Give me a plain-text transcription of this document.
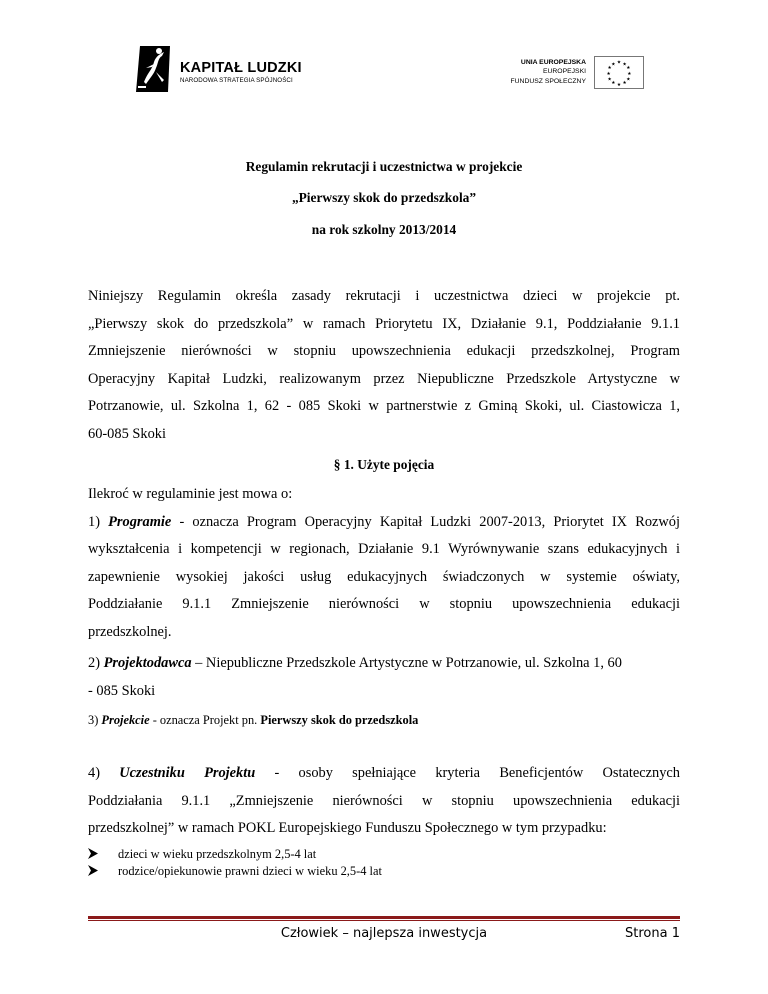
KAPITAŁ LUDZKI
NARODOWA STRATEGIA SPÓJNOŚCI
UNIA EUROPEJSKA
EUROPEJSKI
FUNDUSZ SPOŁECZNY
★ ★
★
★
★
★
★
★
★
★
★
★
Regulamin rekrutacji i uczestnictwa w projekcie
„Pierwszy skok do przedszkola”
na rok szkolny 2013/2014
Niniejszy Regulamin określa zasady rekrutacji i uczestnictwa dzieci w projekcie pt.
„Pierwszy skok do przedszkola” w ramach Priorytetu IX, Działanie 9.1, Poddziałanie 9.1.1
Zmniejszenie nierówności w stopniu upowszechnienia edukacji przedszkolnej, Program
Operacyjny Kapitał Ludzki, realizowanym przez Niepubliczne Przedszkole Artystyczne w
Potrzanowie, ul. Szkolna 1, 62 - 085 Skoki w partnerstwie z Gminą Skoki, ul. Ciastowicza 1,
60-085 Skoki
§ 1. Użyte pojęcia
Ilekroć w regulaminie jest mowa o:
1) Programie - oznacza Program Operacyjny Kapitał Ludzki 2007-2013, Priorytet IX Rozwój
wykształcenia i kompetencji w regionach, Działanie 9.1 Wyrównywanie szans edukacyjnych i
zapewnienie wysokiej jakości usług edukacyjnych świadczonych w systemie oświaty,
Poddziałanie 9.1.1 Zmniejszenie nierówności w stopniu upowszechnienia edukacji
przedszkolnej.
2) Projektodawca – Niepubliczne Przedszkole Artystyczne w Potrzanowie, ul. Szkolna 1, 60
- 085 Skoki
3) Projekcie - oznacza Projekt pn. Pierwszy skok do przedszkola
4) Uczestniku Projektu - osoby spełniające kryteria Beneficjentów Ostatecznych
Poddziałania 9.1.1 „Zmniejszenie nierówności w stopniu upowszechnienia edukacji
przedszkolnej” w ramach POKL Europejskiego Funduszu Społecznego w tym przypadku:
dzieci w wieku przedszkolnym 2,5-4 lat
rodzice/opiekunowie prawni dzieci w wieku 2,5-4 lat
Człowiek – najlepsza inwestycja	Strona 1
